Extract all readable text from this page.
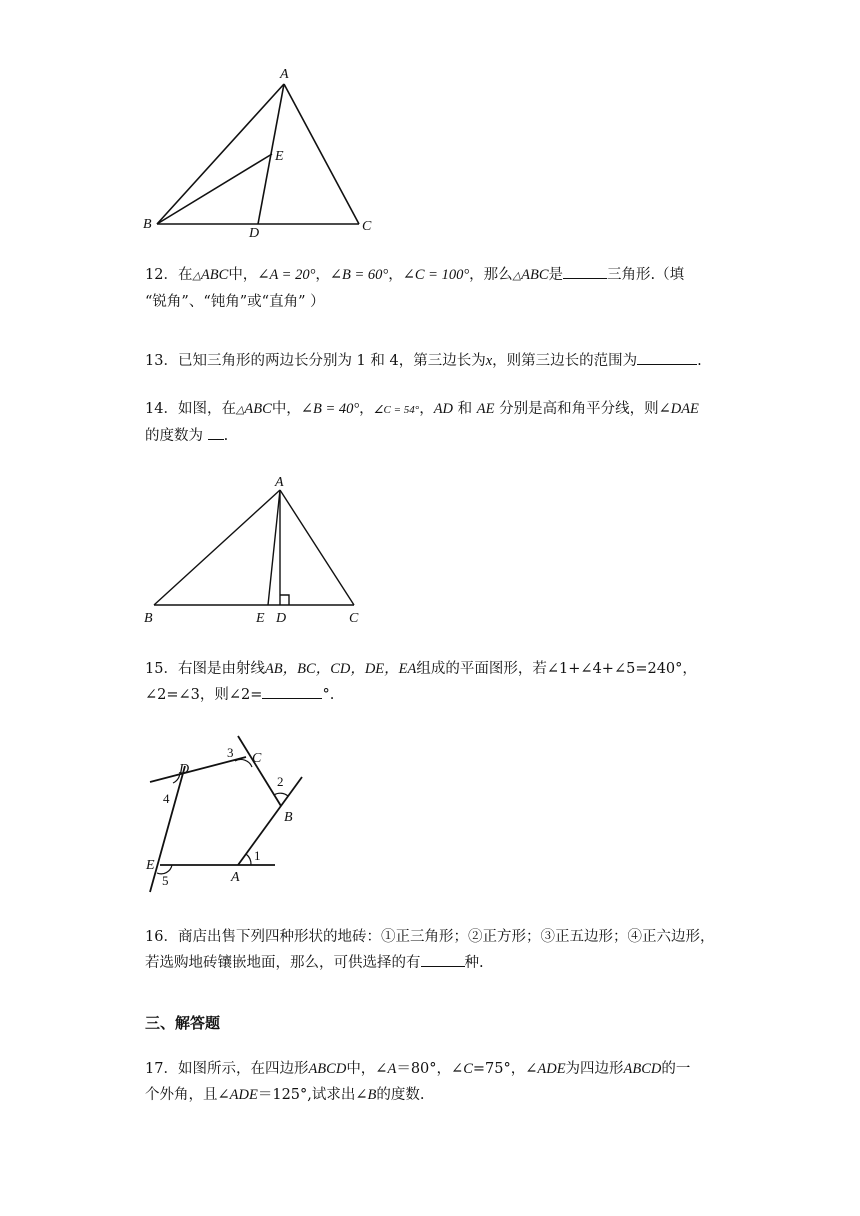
A
B	C
D
E
12．在△ABC中，∠A = 20°，∠B = 60°，∠C = 100°，那么△ABC是	三角形.（填
“锐角”、“钝角”或“直角” ）
13．已知三角形的两边长分别为 1 和 4，第三边长为x，则第三边长的范围为	.
14．如图，在△ABC中，∠B = 40°，∠C = 54°，AD 和 AE 分别是高和角平分线，则∠DAE
的度数为 .
A
B	C
D
E
15．右图是由射线AB，BC，CD，DE，EA组成的平面图形，若∠1+∠4+∠5=240°，
∠2=∠3，则∠2=	°.
C
D
B
E
A
1
2
3
4
5
16．商店出售下列四种形状的地砖：①正三角形；②正方形；③正五边形；④正六边形，
若选购地砖镶嵌地面，那么，可供选择的有	种.
三、解答题
17．如图所示，在四边形ABCD中，∠A＝80°，∠C=75°，∠ADE为四边形ABCD的一
个外角，且∠ADE＝125°,试求出∠B的度数.
